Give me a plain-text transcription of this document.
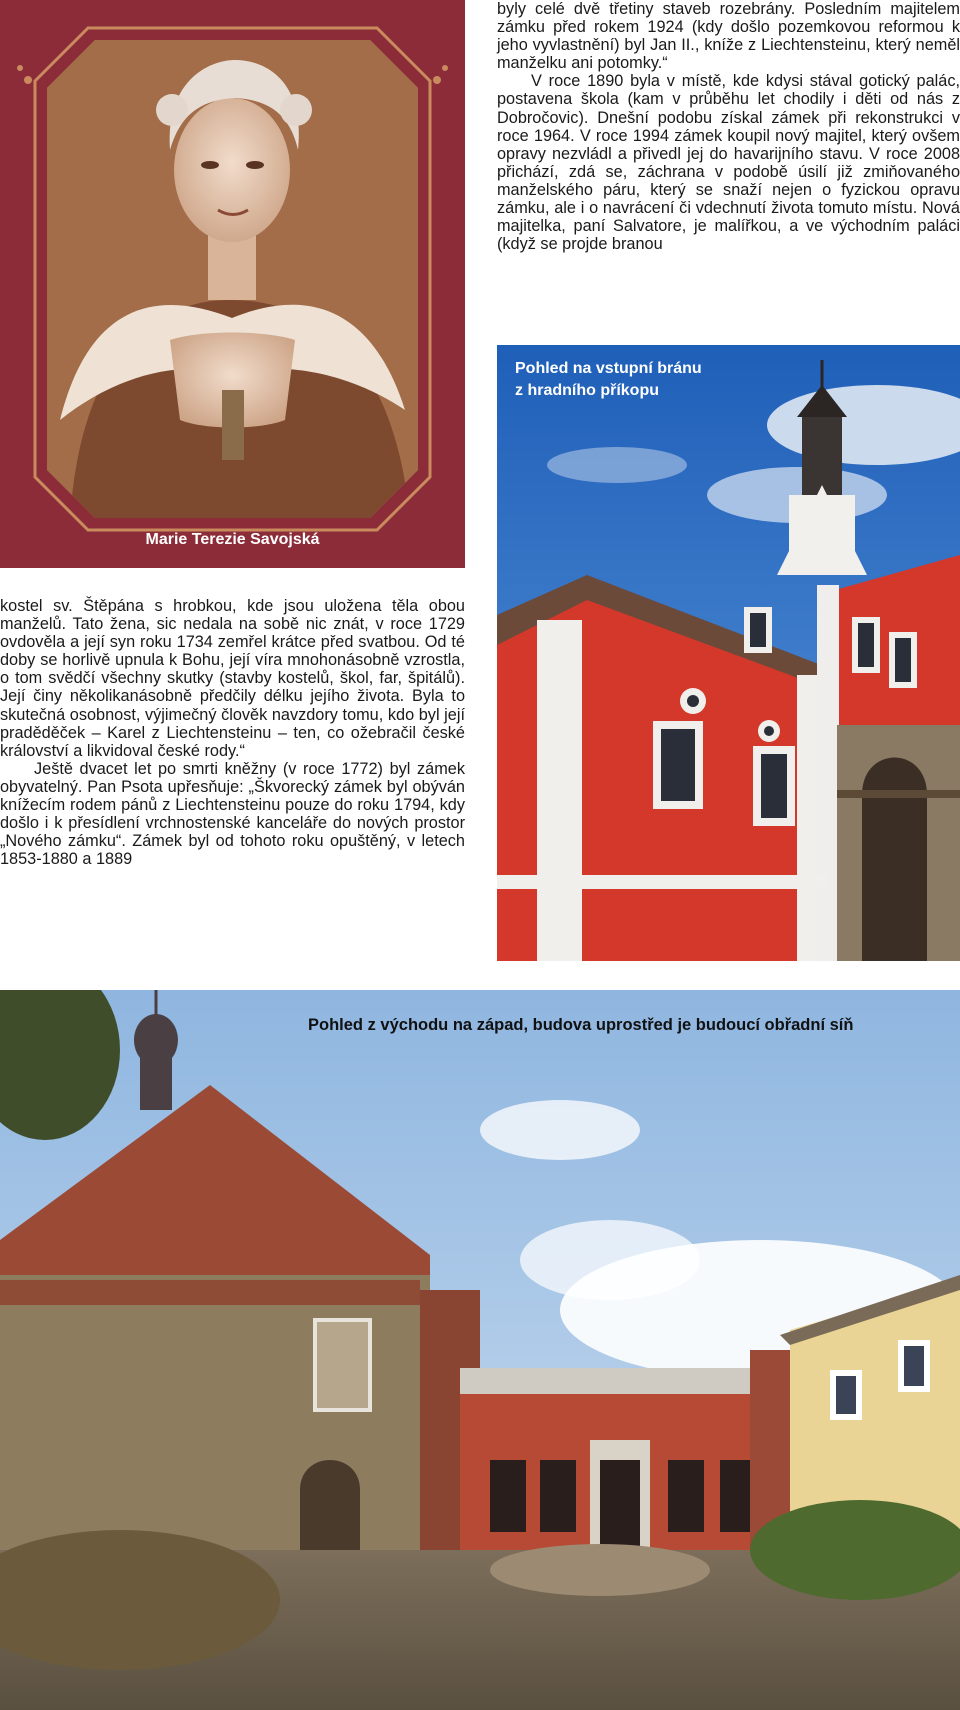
byly celé dvě třetiny staveb rozebrány. Posledním majitelem zámku před rokem 1924 (kdy došlo pozemkovou reformou k jeho vyvlastnění) byl Jan II., kníže z Liechtensteinu, který neměl manželku ani potomky.“

V roce 1890 byla v místě, kde kdysi stával gotický palác, postavena škola (kam v průběhu let chodily i děti od nás z Dobročovic). Dnešní podobu získal zámek při rekonstrukci v roce 1964. V roce 1994 zámek koupil nový majitel, který ovšem opravy nezvládl a přivedl jej do havarijního stavu. V roce 2008 přichází, zdá se, záchrana v podobě úsilí již zmiňovaného manželského páru, který se snaží nejen o fyzickou opravu zámku, ale i o navrácení či vdechnutí života tomuto místu. Nová majitelka, paní Salvatore, je malířkou, a ve východním paláci (když se projde branou

Marie Terezie Savojská
Pohled na vstupní bránu
z hradního příkopu

kostel sv. Štěpána s hrobkou, kde jsou uložena těla obou manželů. Tato žena, sic nedala na sobě nic znát, v roce 1729 ovdověla a její syn roku 1734 zemřel krátce před svatbou. Od té doby se horlivě upnula k Bohu, její víra mnohonásobně vzrostla, o tom svědčí všechny skutky (stavby kostelů, škol, far, špitálů). Její činy několikanásobně předčily délku jejího života. Byla to skutečná osobnost, výjimečný člověk navzdory tomu, kdo byl její praděděček – Karel z Liechtensteinu – ten, co ožebračil české království a likvidoval české rody.“

Ještě dvacet let po smrti kněžny (v roce 1772) byl zámek obyvatelný. Pan Psota upřesňuje: „Škvorecký zámek byl obýván knížecím rodem pánů z Liechtensteinu pouze do roku 1794, kdy došlo i k přesídlení vrchnostenské kanceláře do nových prostor „Nového zámku“. Zámek byl od tohoto roku opuštěný, v letech 1853-1880 a 1889

Pohled z východu na západ, budova uprostřed je budoucí obřadní síň
